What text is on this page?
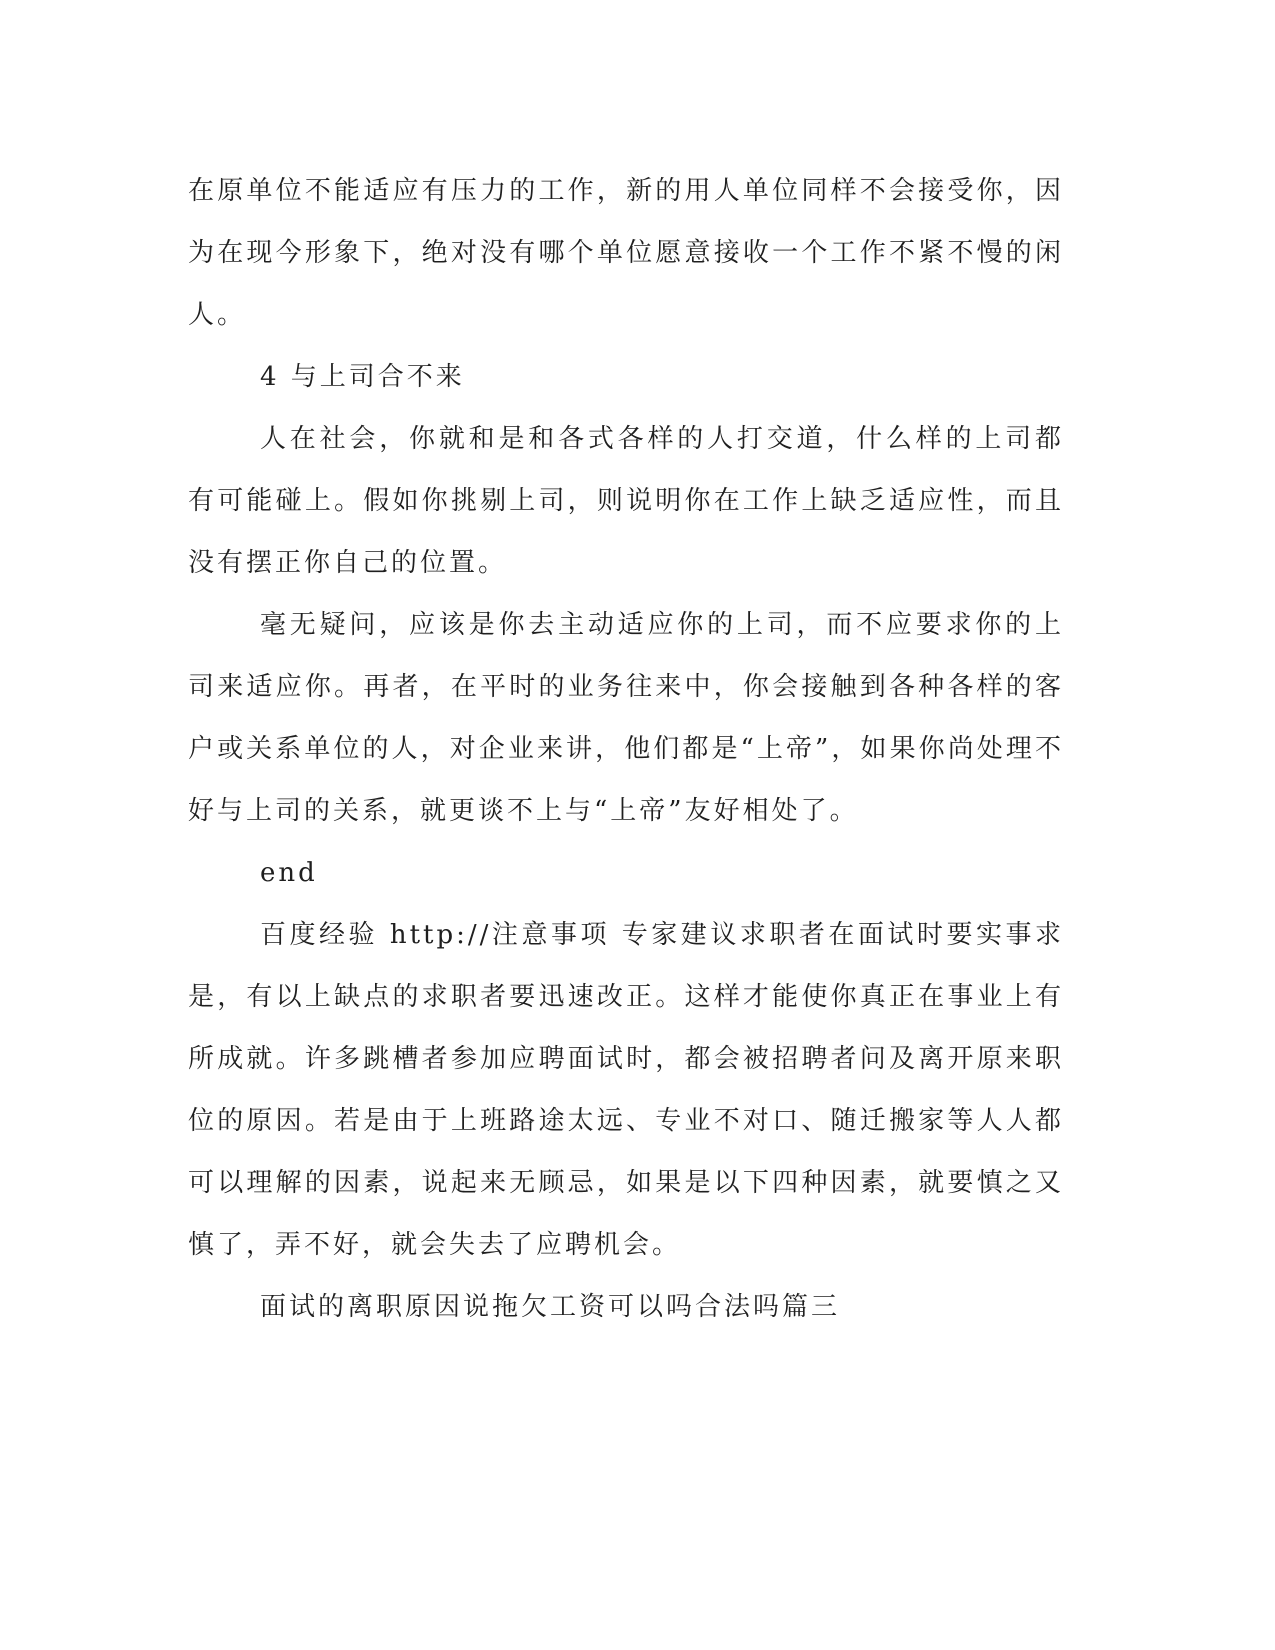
在原单位不能适应有压力的工作，新的用人单位同样不会接受你，因为在现今形象下，绝对没有哪个单位愿意接收一个工作不紧不慢的闲人。

4 与上司合不来

人在社会，你就和是和各式各样的人打交道，什么样的上司都有可能碰上。假如你挑剔上司，则说明你在工作上缺乏适应性，而且没有摆正你自己的位置。

毫无疑问，应该是你去主动适应你的上司，而不应要求你的上司来适应你。再者，在平时的业务往来中，你会接触到各种各样的客户或关系单位的人，对企业来讲，他们都是“上帝”，如果你尚处理不好与上司的关系，就更谈不上与“上帝”友好相处了。

end

百度经验 http://注意事项 专家建议求职者在面试时要实事求是，有以上缺点的求职者要迅速改正。这样才能使你真正在事业上有所成就。许多跳槽者参加应聘面试时，都会被招聘者问及离开原来职位的原因。若是由于上班路途太远、专业不对口、随迁搬家等人人都可以理解的因素，说起来无顾忌，如果是以下四种因素，就要慎之又慎了，弄不好，就会失去了应聘机会。

面试的离职原因说拖欠工资可以吗合法吗篇三
